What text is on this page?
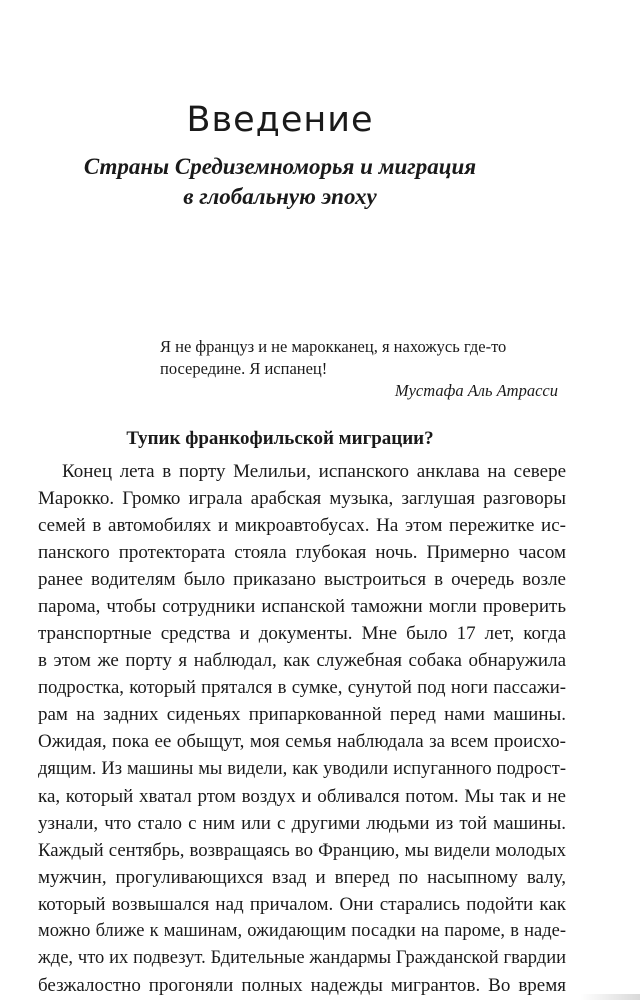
Введение
Страны Средиземноморья и миграция
в глобальную эпоху
Я не француз и не марокканец, я нахожусь где-то
посередине. Я испанец!
Мустафа Аль Атрасси
Тупик франкофильской миграции?
Конец лета в порту Мелильи, испанского анклава на севере
Марокко. Громко играла арабская музыка, заглушая разговоры
семей в автомобилях и микроавтобусах. На этом пережитке ис-
панского протектората стояла глубокая ночь. Примерно часом
ранее водителям было приказано выстроиться в очередь возле
парома, чтобы сотрудники испанской таможни могли проверить
транспортные средства и документы. Мне было 17 лет, когда
в этом же порту я наблюдал, как служебная собака обнаружила
подростка, который прятался в сумке, сунутой под ноги пассажи-
рам на задних сиденьях припаркованной перед нами машины.
Ожидая, пока ее обыщут, моя семья наблюдала за всем происхо-
дящим. Из машины мы видели, как уводили испуганного подрост-
ка, который хватал ртом воздух и обливался потом. Мы так и не
узнали, что стало с ним или с другими людьми из той машины.
Каждый сентябрь, возвращаясь во Францию, мы видели молодых
мужчин, прогуливающихся взад и вперед по насыпному валу,
который возвышался над причалом. Они старались подойти как
можно ближе к машинам, ожидающим посадки на пароме, в наде-
жде, что их подвезут. Бдительные жандармы Гражданской гвардии
безжалостно прогоняли полных надежды мигрантов. Во время
